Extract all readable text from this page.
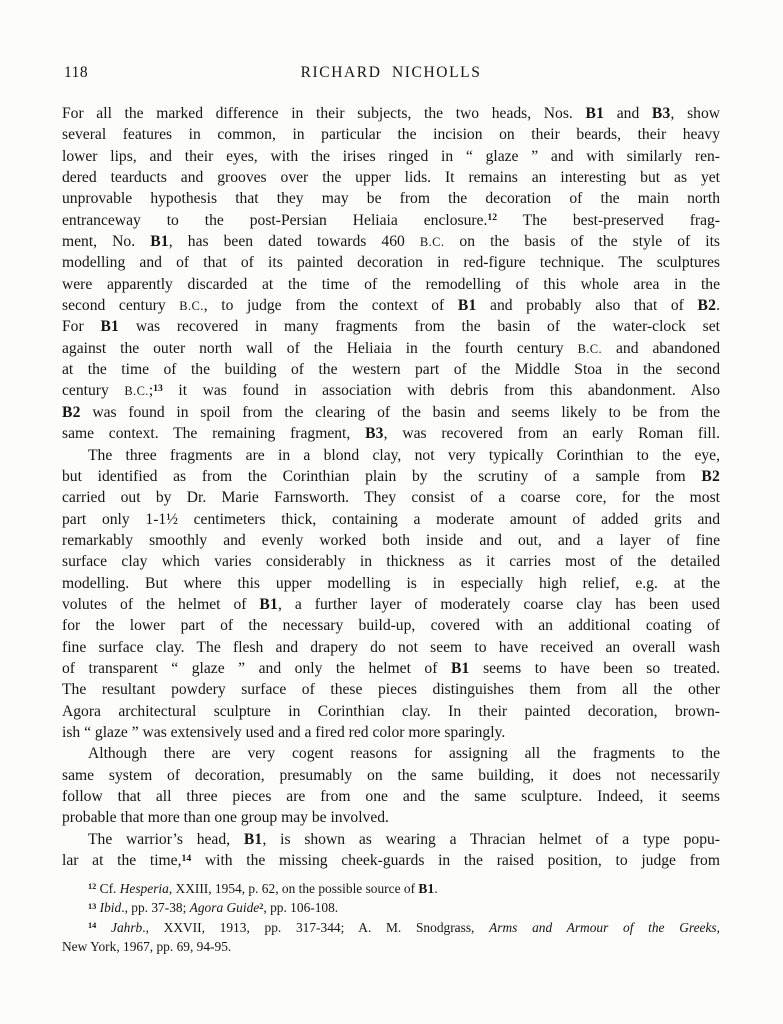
118	RICHARD NICHOLLS
For all the marked difference in their subjects, the two heads, Nos. B1 and B3, show
several features in common, in particular the incision on their beards, their heavy
lower lips, and their eyes, with the irises ringed in “ glaze ” and with similarly ren-
dered tearducts and grooves over the upper lids. It remains an interesting but as yet
unprovable hypothesis that they may be from the decoration of the main north
entranceway to the post-Persian Heliaia enclosure.$^{12}$ The best-preserved frag-
ment, No. B1, has been dated towards 460 B.C. on the basis of the style of its
modelling and of that of its painted decoration in red-figure technique. The sculptures
were apparently discarded at the time of the remodelling of this whole area in the
second century B.C., to judge from the context of B1 and probably also that of B2.
For B1 was recovered in many fragments from the basin of the water-clock set
against the outer north wall of the Heliaia in the fourth century B.C. and abandoned
at the time of the building of the western part of the Middle Stoa in the second
century B.C.;$^{13}$ it was found in association with debris from this abandonment. Also
B2 was found in spoil from the clearing of the basin and seems likely to be from the
same context. The remaining fragment, B3, was recovered from an early Roman fill.
The three fragments are in a blond clay, not very typically Corinthian to the eye,
but identified as from the Corinthian plain by the scrutiny of a sample from B2
carried out by Dr. Marie Farnsworth. They consist of a coarse core, for the most
part only 1-1½ centimeters thick, containing a moderate amount of added grits and
remarkably smoothly and evenly worked both inside and out, and a layer of fine
surface clay which varies considerably in thickness as it carries most of the detailed
modelling. But where this upper modelling is in especially high relief, e.g. at the
volutes of the helmet of B1, a further layer of moderately coarse clay has been used
for the lower part of the necessary build-up, covered with an additional coating of
fine surface clay. The flesh and drapery do not seem to have received an overall wash
of transparent “ glaze ” and only the helmet of B1 seems to have been so treated.
The resultant powdery surface of these pieces distinguishes them from all the other
Agora architectural sculpture in Corinthian clay. In their painted decoration, brown-
ish “ glaze ” was extensively used and a fired red color more sparingly.
Although there are very cogent reasons for assigning all the fragments to the
same system of decoration, presumably on the same building, it does not necessarily
follow that all three pieces are from one and the same sculpture. Indeed, it seems
probable that more than one group may be involved.
The warrior’s head, B1, is shown as wearing a Thracian helmet of a type popu-
lar at the time,$^{14}$ with the missing cheek-guards in the raised position, to judge from
$^{12}$ Cf. Hesperia, XXIII, 1954, p. 62, on the possible source of B1.
$^{13}$ Ibid., pp. 37-38; Agora Guide$^2$, pp. 106-108.
$^{14}$ Jahrb., XXVII, 1913, pp. 317-344; A. M. Snodgrass, Arms and Armour of the Greeks,
New York, 1967, pp. 69, 94-95.
